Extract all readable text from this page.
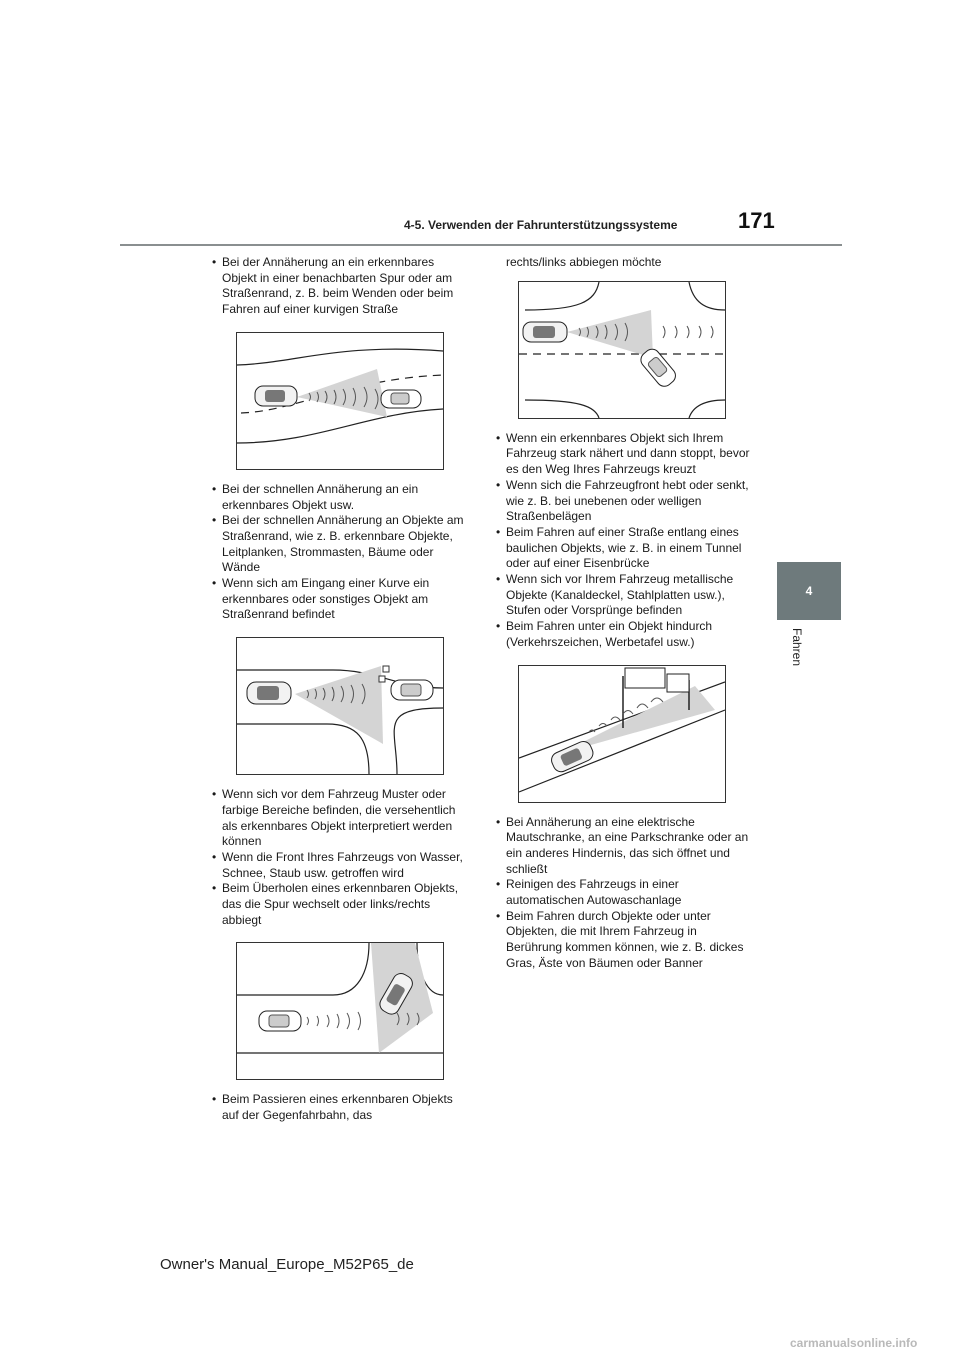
4-5. Verwenden der Fahrunterstützungssysteme	171
4
Fahren
• Bei der Annäherung an ein erkennbares Objekt in einer benachbarten Spur oder am Straßenrand, z. B. beim Wenden oder beim Fahren auf einer kurvigen Straße
• Bei der schnellen Annäherung an ein erkennbares Objekt usw.
• Bei der schnellen Annäherung an Objekte am Straßenrand, wie z. B. erkennbare Objekte, Leitplanken, Strommasten, Bäume oder Wände
• Wenn sich am Eingang einer Kurve ein erkennbares oder sonstiges Objekt am Straßenrand befindet
• Wenn sich vor dem Fahrzeug Muster oder farbige Bereiche befinden, die versehentlich als erkennbares Objekt interpretiert werden können
• Wenn die Front Ihres Fahrzeugs von Wasser, Schnee, Staub usw. getroffen wird
• Beim Überholen eines erkennbaren Objekts, das die Spur wechselt oder links/rechts abbiegt
• Beim Passieren eines erkennbaren Objekts auf der Gegenfahrbahn, das
rechts/links abbiegen möchte
• Wenn ein erkennbares Objekt sich Ihrem Fahrzeug stark nähert und dann stoppt, bevor es den Weg Ihres Fahrzeugs kreuzt
• Wenn sich die Fahrzeugfront hebt oder senkt, wie z. B. bei unebenen oder welligen Straßenbelägen
• Beim Fahren auf einer Straße entlang eines baulichen Objekts, wie z. B. in einem Tunnel oder auf einer Eisenbrücke
• Wenn sich vor Ihrem Fahrzeug metallische Objekte (Kanaldeckel, Stahlplatten usw.), Stufen oder Vorsprünge befinden
• Beim Fahren unter ein Objekt hindurch (Verkehrszeichen, Werbetafel usw.)
• Bei Annäherung an eine elektrische Mautschranke, an eine Parkschranke oder an ein anderes Hindernis, das sich öffnet und schließt
• Reinigen des Fahrzeugs in einer automatischen Autowaschanlage
• Beim Fahren durch Objekte oder unter Objekten, die mit Ihrem Fahrzeug in Berührung kommen können, wie z. B. dickes Gras, Äste von Bäumen oder Banner
Owner's Manual_Europe_M52P65_de
carmanualsonline.info
